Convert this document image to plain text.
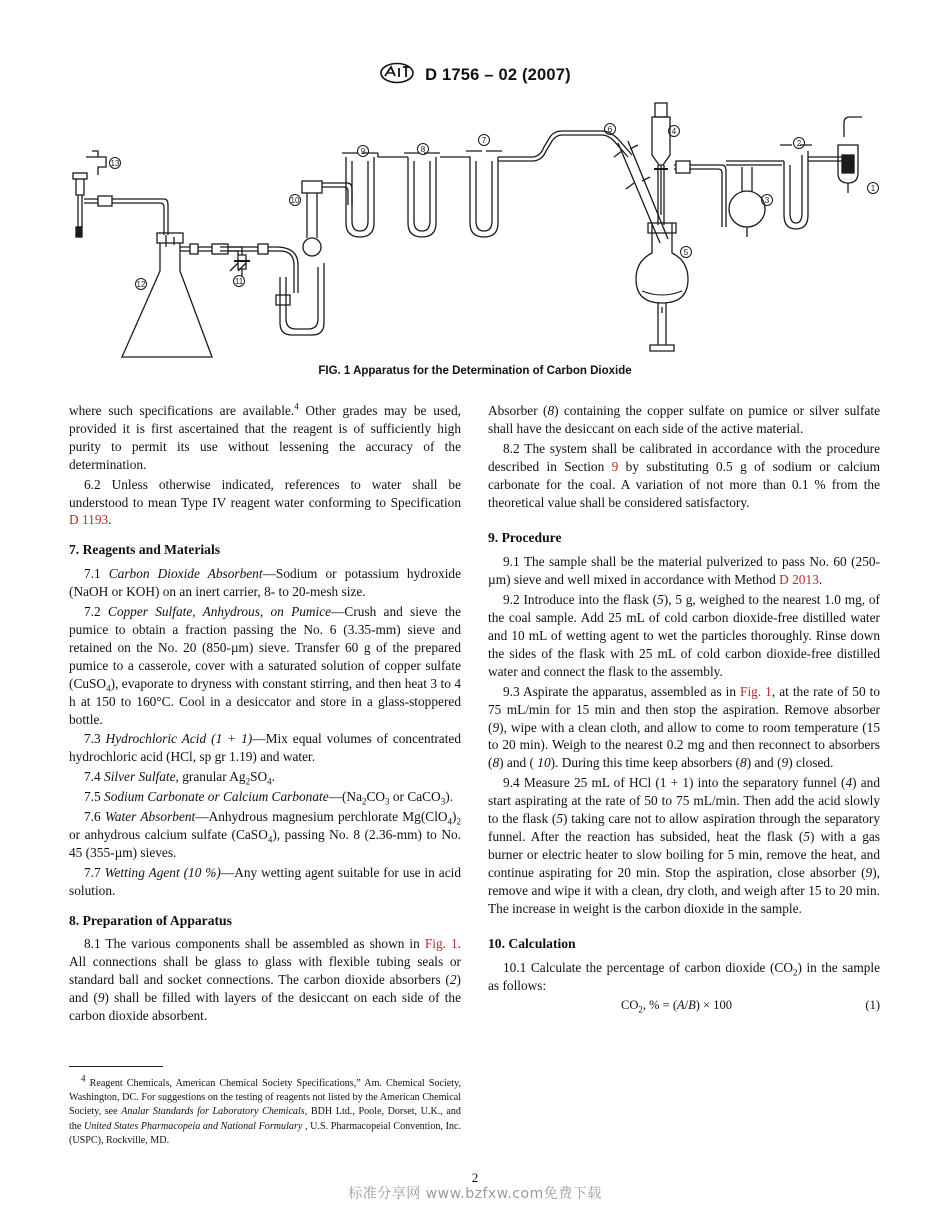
D 1756 – 02 (2007)
13
12	11
10
9	8
7
6	4
5
3
2
1
FIG. 1 Apparatus for the Determination of Carbon Dioxide

where such specifications are available.$^4$ Other grades may be used, provided it is first ascertained that the reagent is of sufficiently high purity to permit its use without lessening the accuracy of the determination.

6.2 Unless otherwise indicated, references to water shall be understood to mean Type IV reagent water conforming to Specification D 1193.

7. Reagents and Materials

7.1 Carbon Dioxide Absorbent—Sodium or potassium hydroxide (NaOH or KOH) on an inert carrier, 8- to 20-mesh size.

7.2 Copper Sulfate, Anhydrous, on Pumice—Crush and sieve the pumice to obtain a fraction passing the No. 6 (3.35-mm) sieve and retained on the No. 20 (850-µm) sieve. Transfer 60 g of the prepared pumice to a casserole, cover with a saturated solution of copper sulfate (CuSO$_4$), evaporate to dryness with constant stirring, and then heat 3 to 4 h at 150 to 160°C. Cool in a desiccator and store in a glass-stoppered bottle.

7.3 Hydrochloric Acid (1 + 1)—Mix equal volumes of concentrated hydrochloric acid (HCl, sp gr 1.19) and water.

7.4 Silver Sulfate, granular $Ag_2SO_4$.

7.5 Sodium Carbonate or Calcium $Carbonate—(Na_2CO_3$ or CaCO$_3$).

7.6 Water Absorbent—Anhydrous magnesium perchlorate $Mg(ClO_4)_2$ or anhydrous calcium sulfate (CaSO$_4$), passing No. 8 (2.36-mm) to No. 45 (355-µm) sieves.

7.7 Wetting Agent (10 %)—Any wetting agent suitable for use in acid solution.

8. Preparation of Apparatus

8.1 The various components shall be assembled as shown in Fig. 1. All connections shall be glass to glass with flexible tubing seals or standard ball and socket connections. The carbon dioxide absorbers (2) and (9) shall be filled with layers of the desiccant on each side of the carbon dioxide absorbent.

$^4$ Reagent Chemicals, American Chemical Society Specifications,” Am. Chemical Society, Washington, DC. For suggestions on the testing of reagents not listed by the American Chemical Society, see Analar Standards for Laboratory Chemicals, BDH Ltd., Poole, Dorset, U.K., and the United States Pharmacopeia and National Formulary , U.S. Pharmacopeial Convention, Inc. (USPC), Rockville, MD.

Absorber (8) containing the copper sulfate on pumice or silver sulfate shall have the desiccant on each side of the active material.

8.2 The system shall be calibrated in accordance with the procedure described in Section 9 by substituting 0.5 g of sodium or calcium carbonate for the coal. A variation of not more than 0.1 % from the theoretical value shall be considered satisfactory.

9. Procedure

9.1 The sample shall be the material pulverized to pass No. 60 (250-µm) sieve and well mixed in accordance with Method D 2013.

9.2 Introduce into the flask (5), 5 g, weighed to the nearest 1.0 mg, of the coal sample. Add 25 mL of cold carbon dioxide-free distilled water and 10 mL of wetting agent to wet the particles thoroughly. Rinse down the sides of the flask with 25 mL of cold carbon dioxide-free distilled water and connect the flask to the assembly.

9.3 Aspirate the apparatus, assembled as in Fig. 1, at the rate of 50 to 75 mL/min for 15 min and then stop the aspiration. Remove absorber (9), wipe with a clean cloth, and allow to come to room temperature (15 to 20 min). Weigh to the nearest 0.2 mg and then reconnect to absorbers (8) and ( 10). During this time keep absorbers (8) and (9) closed.

9.4 Measure 25 mL of HCl (1 + 1) into the separatory funnel (4) and start aspirating at the rate of 50 to 75 mL/min. Then add the acid slowly to the flask (5) taking care not to allow aspiration through the separatory funnel. After the reaction has subsided, heat the flask (5) with a gas burner or electric heater to slow boiling for 5 min, remove the heat, and continue aspirating for 20 min. Stop the aspiration, close absorber (9), remove and wipe it with a clean, dry cloth, and weigh after 15 to 20 min. The increase in weight is the carbon dioxide in the sample.

10. Calculation

10.1 Calculate the percentage of carbon dioxide $(CO_2)$ in the sample as follows:

$CO_2$, % = (A/B) × 100	(1)
2
标准分享网 www.bzfxw.com免费下载
